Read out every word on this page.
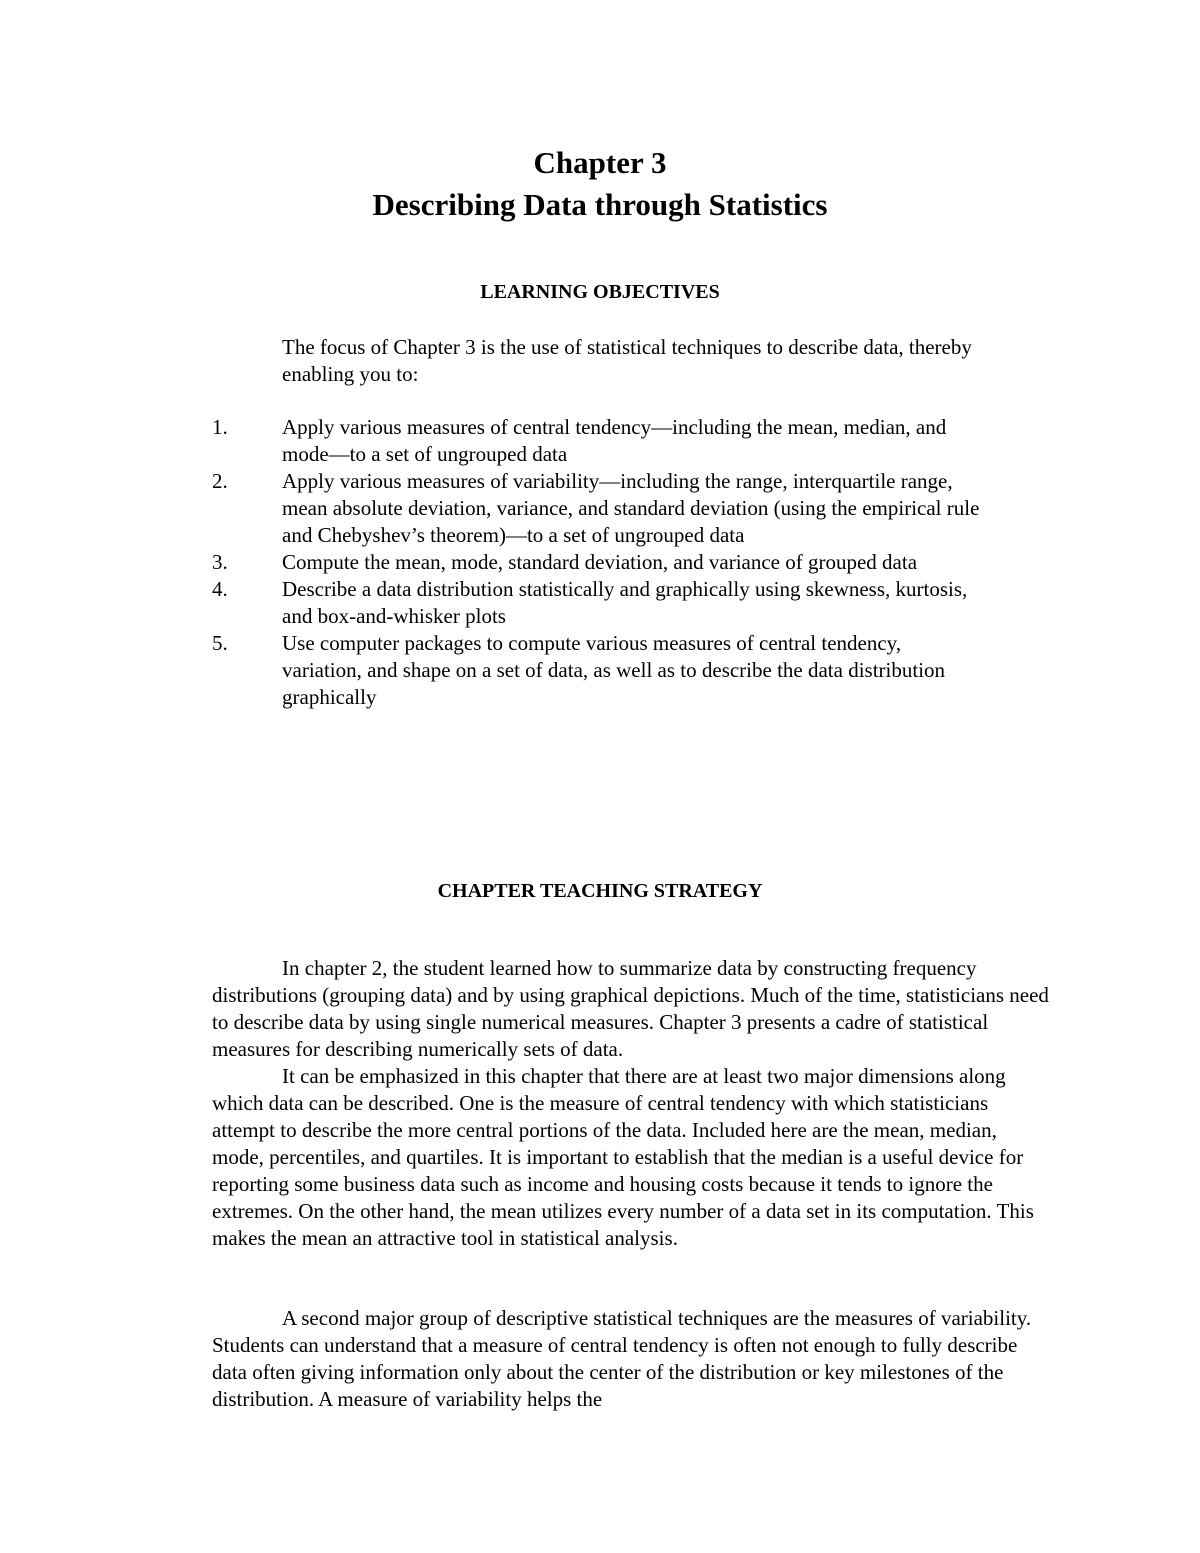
Chapter 3
Describing Data through Statistics
LEARNING OBJECTIVES

The focus of Chapter 3 is the use of statistical techniques to describe data, thereby enabling you to:

1.	Apply various measures of central tendency—including the mean, median, and mode—to a set of ungrouped data
2.	Apply various measures of variability—including the range, interquartile range, mean absolute deviation, variance, and standard deviation (using the empirical rule and Chebyshev’s theorem)—to a set of ungrouped data
3.	Compute the mean, mode, standard deviation, and variance of grouped data
4.	Describe a data distribution statistically and graphically using skewness, kurtosis, and box-and-whisker plots
5.	Use computer packages to compute various measures of central tendency, variation, and shape on a set of data, as well as to describe the data distribution graphically
CHAPTER TEACHING STRATEGY

In chapter 2, the student learned how to summarize data by constructing frequency distributions (grouping data) and by using graphical depictions. Much of the time, statisticians need to describe data by using single numerical measures. Chapter 3 presents a cadre of statistical measures for describing numerically sets of data.

It can be emphasized in this chapter that there are at least two major dimensions along which data can be described. One is the measure of central tendency with which statisticians attempt to describe the more central portions of the data. Included here are the mean, median, mode, percentiles, and quartiles. It is important to establish that the median is a useful device for reporting some business data such as income and housing costs because it tends to ignore the extremes. On the other hand, the mean utilizes every number of a data set in its computation. This makes the mean an attractive tool in statistical analysis.

A second major group of descriptive statistical techniques are the measures of variability. Students can understand that a measure of central tendency is often not enough to fully describe data often giving information only about the center of the distribution or key milestones of the distribution. A measure of variability helps the
